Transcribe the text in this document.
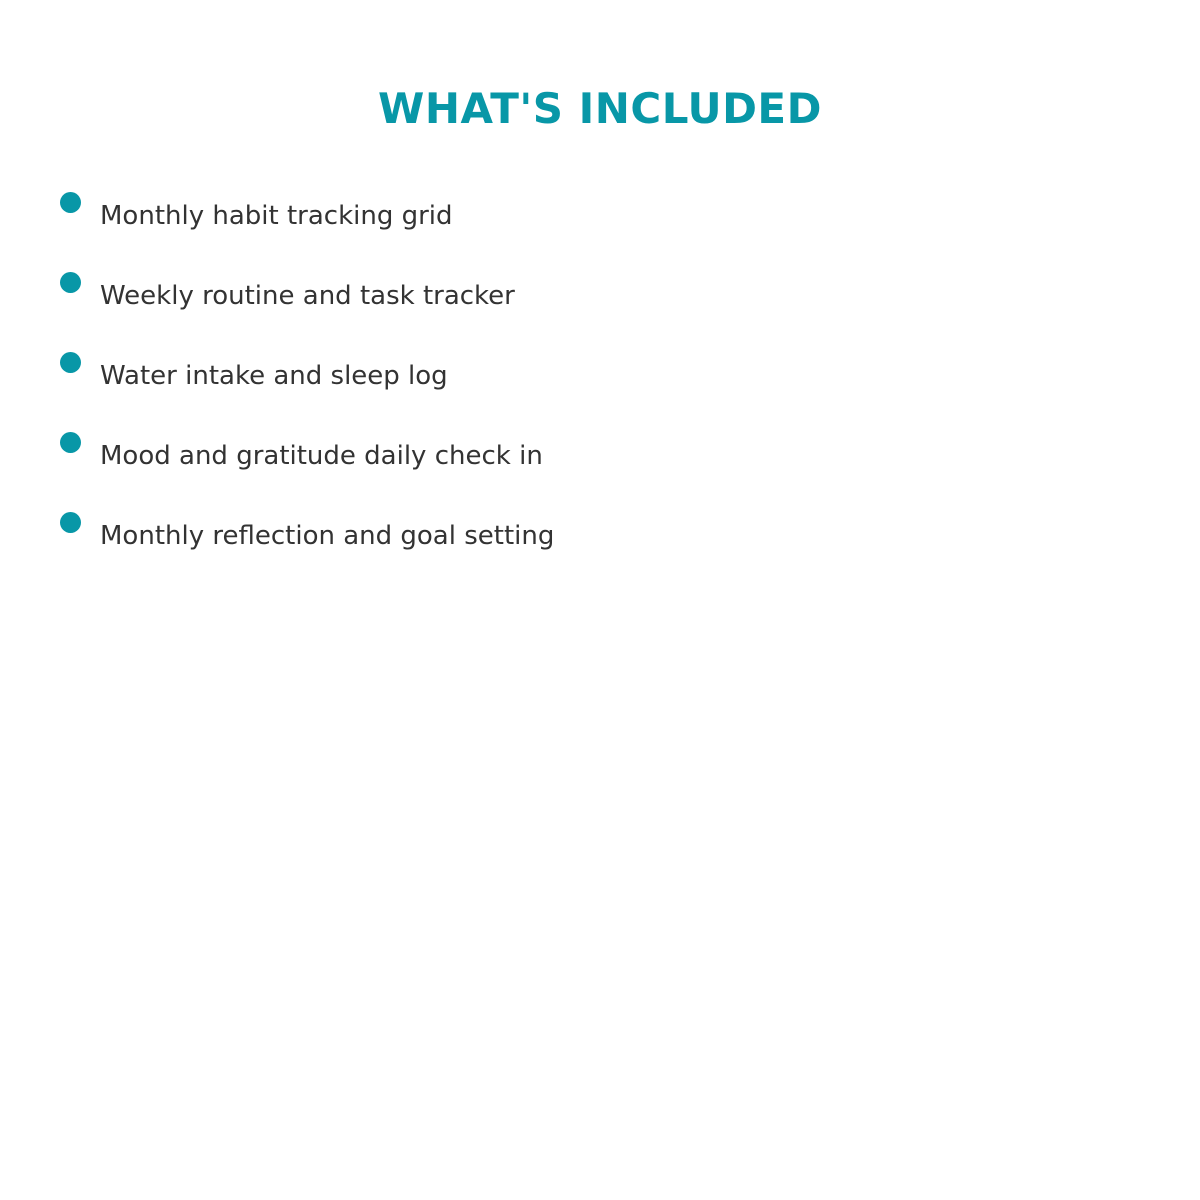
WHAT'S INCLUDED
Monthly habit tracking grid
Weekly routine and task tracker
Water intake and sleep log
Mood and gratitude daily check in
Monthly reflection and goal setting
